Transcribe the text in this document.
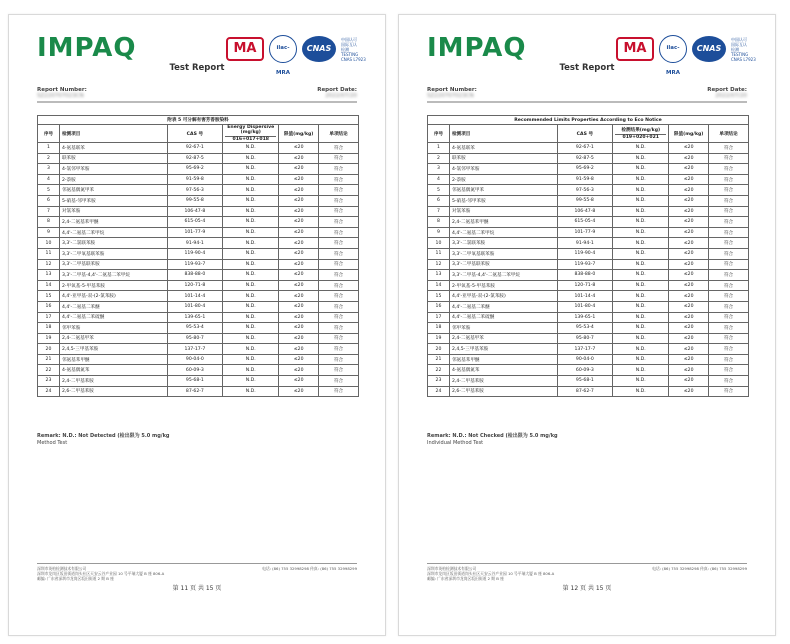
IMPAQ	MA	ilac-MRA
CNAS
中国认可
国际互认
检测
TESTING
CNAS L7923
Test Report
Report Number:
SZ220707023CN
Report Date:
2022/07/20
附表 5 可分解有害芳香胺染料					
序号	检测项目	CAS 号	Energy Dispersive (mg/kg)
016+017+018	限值(mg/kg)	单项结论
1	4-氨基联苯	92-67-1	N.D.	≤20	符合
2	联苯胺	92-87-5	N.D.	≤20	符合
3	4-氯邻甲苯胺	95-69-2	N.D.	≤20	符合
4	2-萘胺	91-59-8	N.D.	≤20	符合
5	邻氨基偶氮甲苯	97-56-3	N.D.	≤20	符合
6	5-硝基-邻甲苯胺	99-55-8	N.D.	≤20	符合
7	对氯苯胺	106-47-8	N.D.	≤20	符合
8	2,4-二氨基苯甲醚	615-05-4	N.D.	≤20	符合
9	4,4'-二氨基二苯甲烷	101-77-9	N.D.	≤20	符合
10	3,3'-二氯联苯胺	91-94-1	N.D.	≤20	符合
11	3,3'-二甲氧基联苯胺	119-90-4	N.D.	≤20	符合
12	3,3'-二甲基联苯胺	119-93-7	N.D.	≤20	符合
13	3,3'-二甲基-4,4'-二氨基二苯甲烷	838-88-0	N.D.	≤20	符合
14	2-甲氧基-5-甲基苯胺	120-71-8	N.D.	≤20	符合
15	4,4'-亚甲基-双-(2-氯苯胺)	101-14-4	N.D.	≤20	符合
16	4,4'-二氨基二苯醚	101-80-4	N.D.	≤20	符合
17	4,4'-二氨基二苯硫醚	139-65-1	N.D.	≤20	符合
18	邻甲苯胺	95-53-4	N.D.	≤20	符合
19	2,4-二氨基甲苯	95-80-7	N.D.	≤20	符合
20	2,4,5-三甲基苯胺	137-17-7	N.D.	≤20	符合
21	邻氨基苯甲醚	90-04-0	N.D.	≤20	符合
22	4-氨基偶氮苯	60-09-3	N.D.	≤20	符合
23	2,4-二甲基苯胺	95-68-1	N.D.	≤20	符合
24	2,6-二甲基苯胺	87-62-7	N.D.	≤20	符合
Remark: N.D.: Not Detected (检出限为 5.0 mg/kg
Method Test
深圳市英柏检测技术有限公司	电话: (86) 755 32998298 传真: (86) 755 32998299
深圳市龙岗区坂田街道岗头社区天安云谷产业园 10 号平瑞大厦 B 座 806-A
邮编: 广东省深圳市龙岗区坂田街道 2 期 B 座
第 11 页 共 15 页
IMPAQ	MA	ilac-MRA
CNAS
中国认可
国际互认
检测
TESTING
CNAS L7923
Test Report
Report Number:
SZ220707023CN
Report Date:
2022/07/20
Recommended Limits Properties According to Eco Notice					
序号	检测项目	CAS 号	检测结果(mg/kg)
019+020+021	限值(mg/kg)	单项结论
1	4-氨基联苯	92-67-1	N.D.	≤20	符合
2	联苯胺	92-87-5	N.D.	≤20	符合
3	4-氯邻甲苯胺	95-69-2	N.D.	≤20	符合
4	2-萘胺	91-59-8	N.D.	≤20	符合
5	邻氨基偶氮甲苯	97-56-3	N.D.	≤20	符合
6	5-硝基-邻甲苯胺	99-55-8	N.D.	≤20	符合
7	对氯苯胺	106-47-8	N.D.	≤20	符合
8	2,4-二氨基苯甲醚	615-05-4	N.D.	≤20	符合
9	4,4'-二氨基二苯甲烷	101-77-9	N.D.	≤20	符合
10	3,3'-二氯联苯胺	91-94-1	N.D.	≤20	符合
11	3,3'-二甲氧基联苯胺	119-90-4	N.D.	≤20	符合
12	3,3'-二甲基联苯胺	119-93-7	N.D.	≤20	符合
13	3,3'-二甲基-4,4'-二氨基二苯甲烷	838-88-0	N.D.	≤20	符合
14	2-甲氧基-5-甲基苯胺	120-71-8	N.D.	≤20	符合
15	4,4'-亚甲基-双-(2-氯苯胺)	101-14-4	N.D.	≤20	符合
16	4,4'-二氨基二苯醚	101-80-4	N.D.	≤20	符合
17	4,4'-二氨基二苯硫醚	139-65-1	N.D.	≤20	符合
18	邻甲苯胺	95-53-4	N.D.	≤20	符合
19	2,4-二氨基甲苯	95-80-7	N.D.	≤20	符合
20	2,4,5-三甲基苯胺	137-17-7	N.D.	≤20	符合
21	邻氨基苯甲醚	90-04-0	N.D.	≤20	符合
22	4-氨基偶氮苯	60-09-3	N.D.	≤20	符合
23	2,4-二甲基苯胺	95-68-1	N.D.	≤20	符合
24	2,6-二甲基苯胺	87-62-7	N.D.	≤20	符合
Remark: N.D.: Not Checked (检出限为 5.0 mg/kg
Individual Method Test
深圳市英柏检测技术有限公司	电话: (86) 755 32998298 传真: (86) 755 32998299
深圳市龙岗区坂田街道岗头社区天安云谷产业园 10 号平瑞大厦 B 座 806-A
邮编: 广东省深圳市龙岗区坂田街道 2 期 B 座
第 12 页 共 15 页
